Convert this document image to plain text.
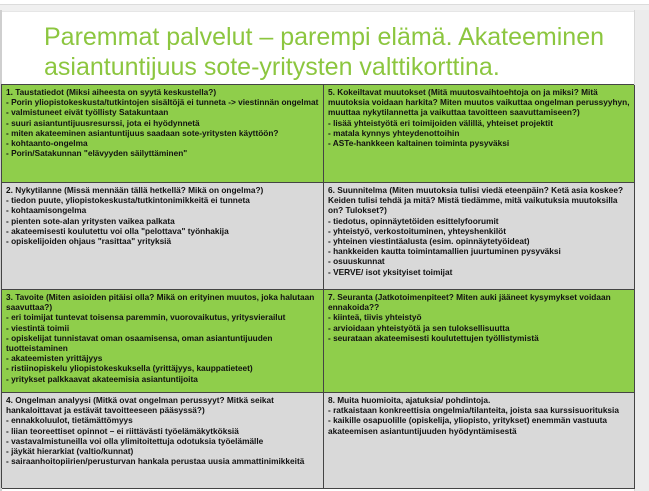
Paremmat palvelut – parempi elämä. Akateeminen
asiantuntijuus sote-yritysten valttikorttina.

1. Taustatiedot (Miksi aiheesta on syytä keskustella?)

- Porin yliopistokeskusta/tutkintojen sisältöjä ei tunneta -> viestinnän ongelmat

- valmistuneet eivät työllisty Satakuntaan

- suuri asiantuntijuusresurssi, jota ei hyödynnetä

- miten akateeminen asiantuntijuus saadaan sote-yritysten käyttöön?

- kohtaanto-ongelma

- Porin/Satakunnan "elävyyden säilyttäminen"

5. Kokeiltavat muutokset (Mitä muutosvaihtoehtoja on ja miksi? Mitä muutoksia voidaan harkita? Miten muutos vaikuttaa ongelman perussyyhyn, muuttaa nykytilannetta ja vaikuttaa tavoitteen saavuttamiseen?)

- lisää yhteistyötä eri toimijoiden välillä, yhteiset projektit

- matala kynnys yhteydenottoihin

- ASTe-hankkeen kaltainen toiminta pysyväksi

2. Nykytilanne (Missä mennään tällä hetkellä? Mikä on ongelma?)

- tiedon puute, yliopistokeskusta/tutkintonimikkeitä ei tunneta

- kohtaamisongelma

- pienten sote-alan yritysten vaikea palkata

- akateemisesti koulutettu voi olla "pelottava" työnhakija

- opiskelijoiden ohjaus "rasittaa" yrityksiä

6. Suunnitelma (Miten muutoksia tulisi viedä eteenpäin? Ketä asia koskee? Keiden tulisi tehdä ja mitä? Mistä tiedämme, mitä vaikutuksia muutoksilla on? Tulokset?)

- tiedotus, opinnäytetöiden esittelyfoorumit

- yhteistyö, verkostoituminen, yhteyshenkilöt

- yhteinen viestintäalusta (esim. opinnäytetyöideat)

- hankkeiden kautta toimintamallien juurtuminen pysyväksi

- osuuskunnat

- VERVE/ isot yksityiset toimijat

3. Tavoite (Miten asioiden pitäisi olla? Mikä on erityinen muutos, joka halutaan saavuttaa?)

- eri toimijat tuntevat toisensa paremmin, vuorovaikutus, yritysvierailut

- viestintä toimii

- opiskelijat tunnistavat oman osaamisensa, oman asiantuntijuuden tuotteistaminen

- akateemisten yrittäjyys

- ristiinopiskelu yliopistokeskuksella (yrittäjyys, kauppatieteet)

- yritykset palkkaavat akateemisia asiantuntijoita

7. Seuranta (Jatkotoimenpiteet? Miten auki jääneet kysymykset voidaan ennakoida??

- kiinteä, tiivis yhteistyö

- arvioidaan yhteistyötä ja sen tuloksellisuutta

- seurataan akateemisesti koulutettujen työllistymistä

4. Ongelman analyysi (Mitkä ovat ongelman perussyyt? Mitkä seikat hankaloittavat ja estävät tavoitteeseen pääsyssä?)

- ennakkoluulot, tietämättömyys

- liian teoreettiset opinnot – ei riittävästi työelämäkytköksiä

- vastavalmistuneilla voi olla ylimitoitettuja odotuksia työelämälle

- jäykät hierarkiat (valtio/kunnat)

- sairaanhoitopiirien/perusturvan hankala perustaa uusia ammattinimikkeitä

8. Muita huomioita, ajatuksia/ pohdintoja.

- ratkaistaan konkreettisia ongelmia/tilanteita, joista saa kurssisuorituksia

- kaikille osapuolille (opiskelija, yliopisto, yritykset) enemmän vastuuta akateemisen asiantuntijuuden hyödyntämisestä
